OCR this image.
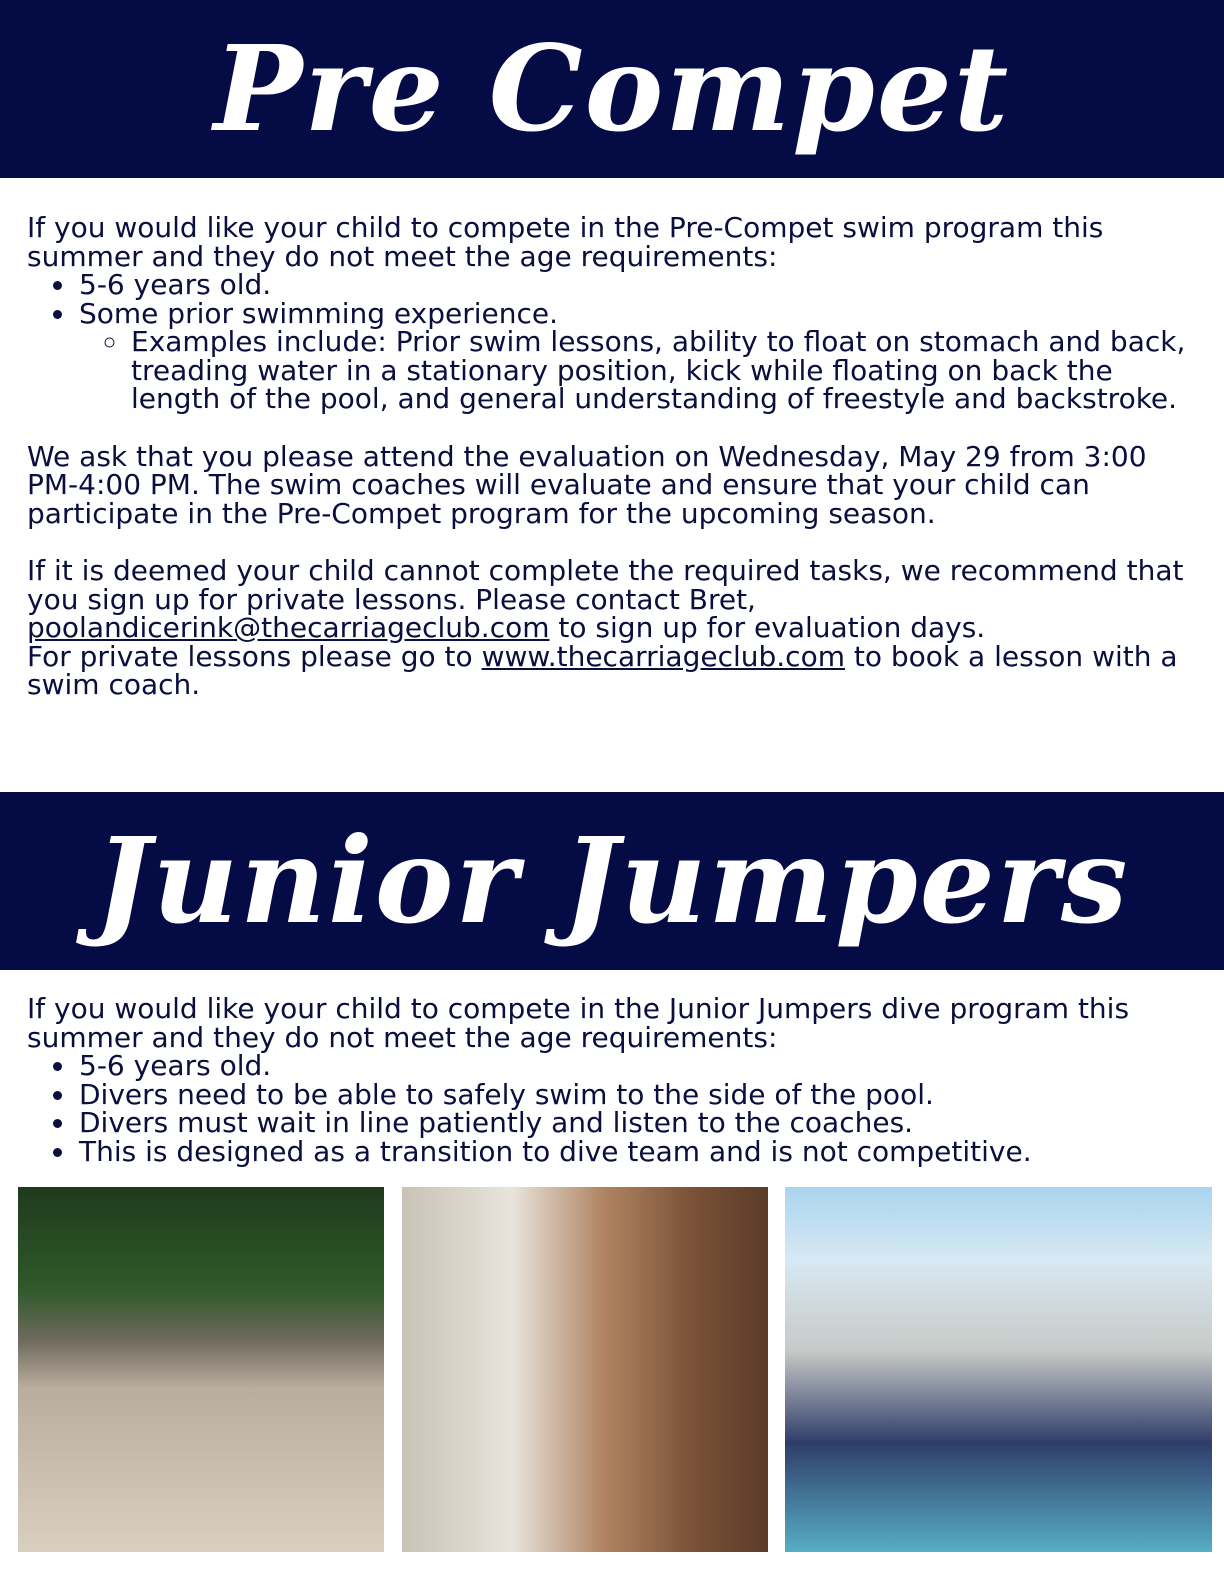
Pre Compet

If you would like your child to compete in the Pre-Compet swim program this summer and they do not meet the age requirements:

• 5-6 years old.
• Some prior swimming experience.
◦ Examples include: Prior swim lessons, ability to float on stomach and back, treading water in a stationary position, kick while floating on back the length of the pool, and general understanding of freestyle and backstroke.

We ask that you please attend the evaluation on Wednesday, May 29 from 3:00 PM-4:00 PM. The swim coaches will evaluate and ensure that your child can participate in the Pre-Compet program for the upcoming season.

If it is deemed your child cannot complete the required tasks, we recommend that you sign up for private lessons. Please contact Bret, poolandicerink@thecarriageclub.com to sign up for evaluation days.
For private lessons please go to www.thecarriageclub.com to book a lesson with a swim coach.

Junior Jumpers

If you would like your child to compete in the Junior Jumpers dive program this summer and they do not meet the age requirements:

• 5-6 years old.
• Divers need to be able to safely swim to the side of the pool.
• Divers must wait in line patiently and listen to the coaches.
• This is designed as a transition to dive team and is not competitive.
